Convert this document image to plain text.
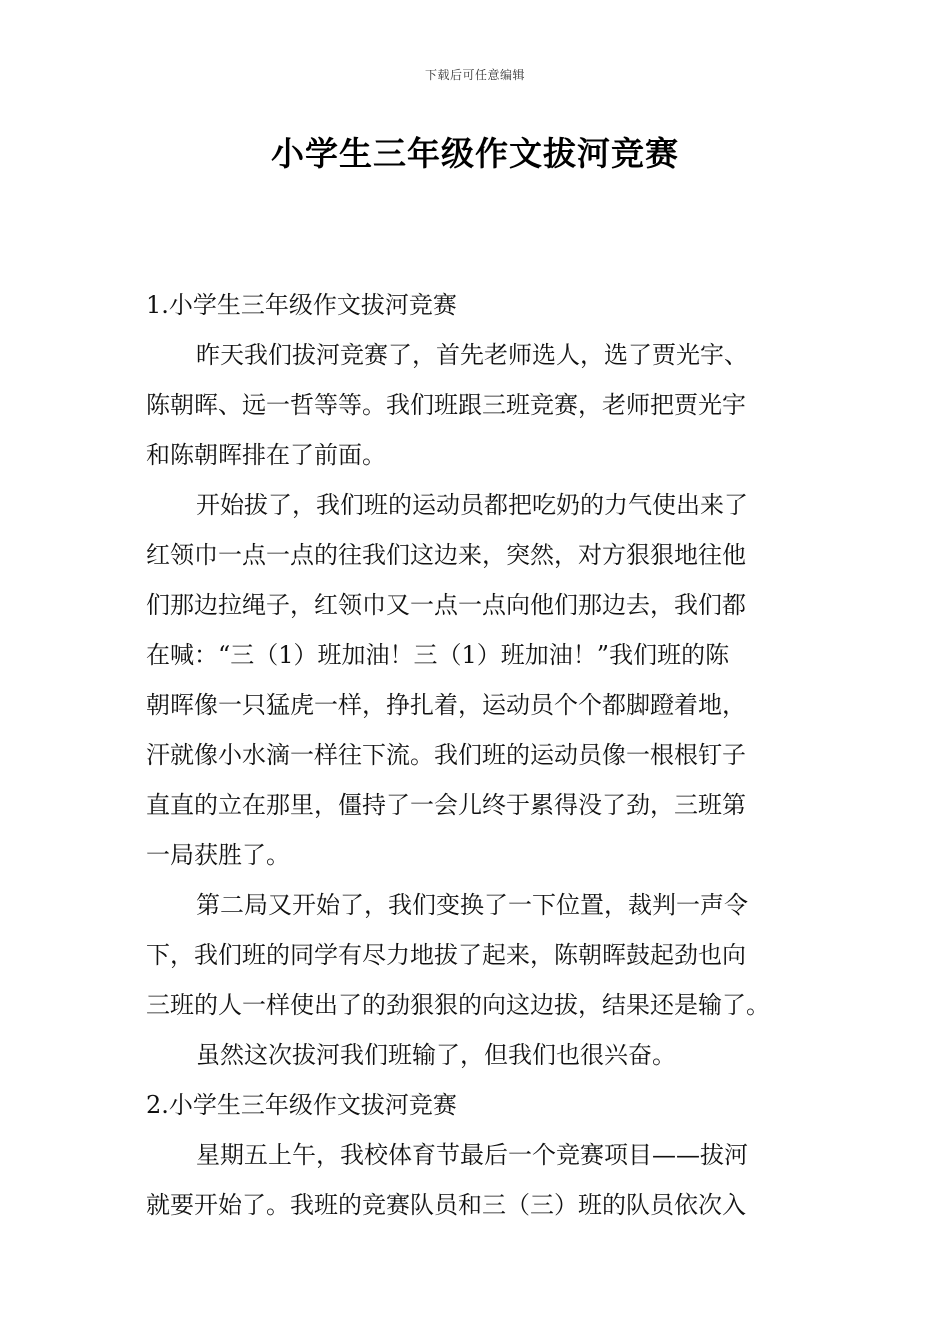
下载后可任意编辑
小学生三年级作文拔河竞赛

1.小学生三年级作文拔河竞赛

昨天我们拔河竞赛了，首先老师选人，选了贾光宇、

陈朝晖、远一哲等等。我们班跟三班竞赛，老师把贾光宇

和陈朝晖排在了前面。

开始拔了，我们班的运动员都把吃奶的力气使出来了

红领巾一点一点的往我们这边来，突然，对方狠狠地往他

们那边拉绳子，红领巾又一点一点向他们那边去，我们都

在喊：“三（1）班加油！三（1）班加油！”我们班的陈

朝晖像一只猛虎一样，挣扎着，运动员个个都脚蹬着地，

汗就像小水滴一样往下流。我们班的运动员像一根根钉子

直直的立在那里，僵持了一会儿终于累得没了劲，三班第

一局获胜了。

第二局又开始了，我们变换了一下位置，裁判一声令

下，我们班的同学有尽力地拔了起来，陈朝晖鼓起劲也向

三班的人一样使出了的劲狠狠的向这边拔，结果还是输了。

虽然这次拔河我们班输了，但我们也很兴奋。

2.小学生三年级作文拔河竞赛

星期五上午，我校体育节最后一个竞赛项目——拔河

就要开始了。我班的竞赛队员和三（三）班的队员依次入
